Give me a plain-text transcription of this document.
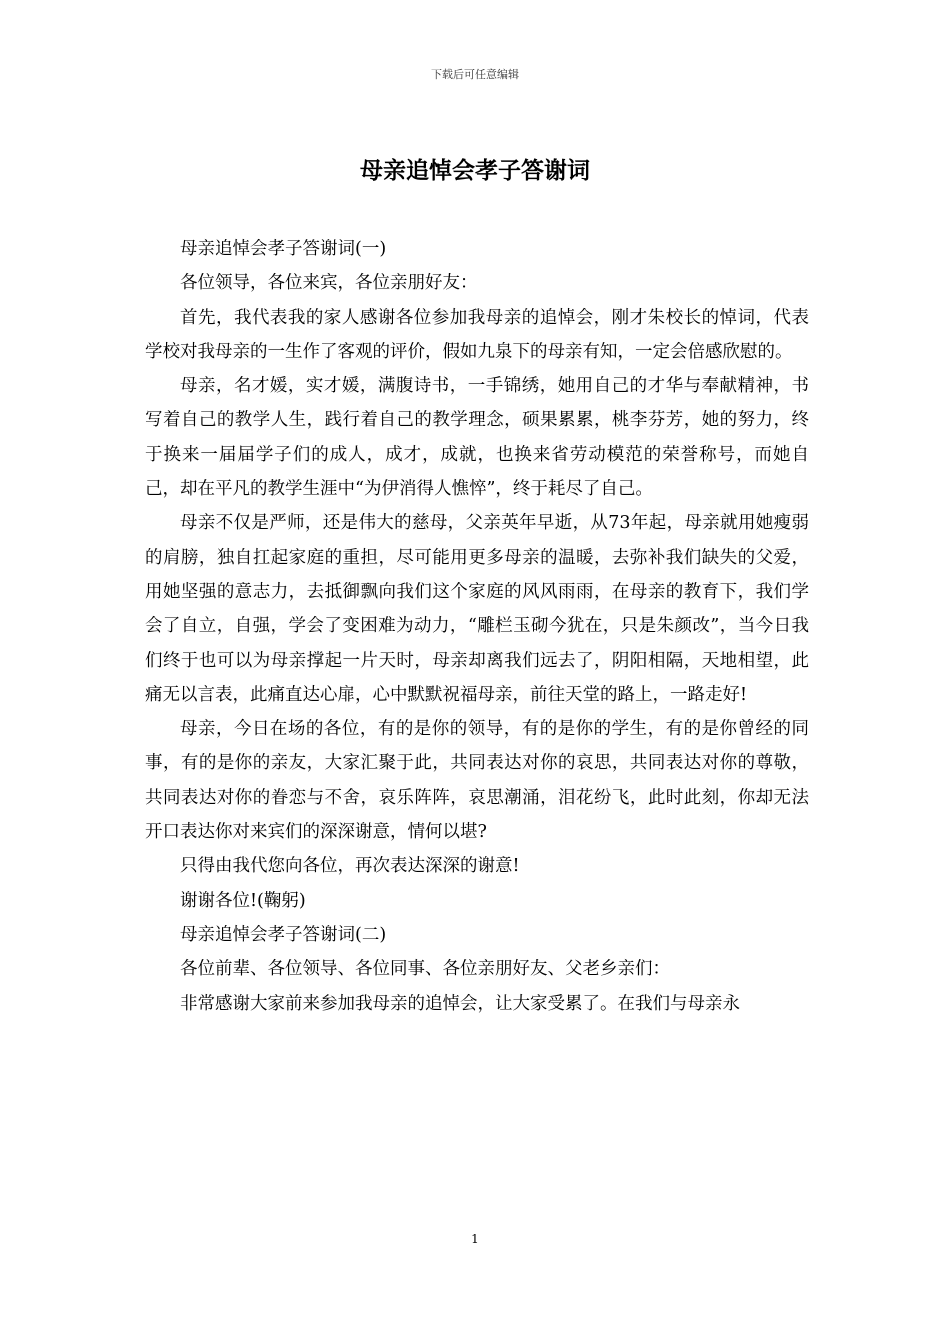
下载后可任意编辑
母亲追悼会孝子答谢词

母亲追悼会孝子答谢词(一)

各位领导，各位来宾，各位亲朋好友：

首先，我代表我的家人感谢各位参加我母亲的追悼会，刚才朱校长的悼词，代表学校对我母亲的一生作了客观的评价，假如九泉下的母亲有知，一定会倍感欣慰的。

母亲，名才媛，实才媛，满腹诗书，一手锦绣，她用自己的才华与奉献精神，书写着自己的教学人生，践行着自己的教学理念，硕果累累，桃李芬芳，她的努力，终于换来一届届学子们的成人，成才，成就，也换来省劳动模范的荣誉称号，而她自己，却在平凡的教学生涯中“为伊消得人憔悴”，终于耗尽了自己。

母亲不仅是严师，还是伟大的慈母，父亲英年早逝，从73年起，母亲就用她瘦弱的肩膀，独自扛起家庭的重担，尽可能用更多母亲的温暖，去弥补我们缺失的父爱，用她坚强的意志力，去抵御飘向我们这个家庭的风风雨雨，在母亲的教育下，我们学会了自立，自强，学会了变困难为动力，“雕栏玉砌今犹在，只是朱颜改”，当今日我们终于也可以为母亲撑起一片天时，母亲却离我们远去了，阴阳相隔，天地相望，此痛无以言表，此痛直达心扉，心中默默祝福母亲，前往天堂的路上，一路走好!

母亲，今日在场的各位，有的是你的领导，有的是你的学生，有的是你曾经的同事，有的是你的亲友，大家汇聚于此，共同表达对你的哀思，共同表达对你的尊敬，共同表达对你的眷恋与不舍，哀乐阵阵，哀思潮涌，泪花纷飞，此时此刻，你却无法开口表达你对来宾们的深深谢意，情何以堪?

只得由我代您向各位，再次表达深深的谢意!

谢谢各位!(鞠躬)

母亲追悼会孝子答谢词(二)

各位前辈、各位领导、各位同事、各位亲朋好友、父老乡亲们：

非常感谢大家前来参加我母亲的追悼会，让大家受累了。在我们与母亲永

1
